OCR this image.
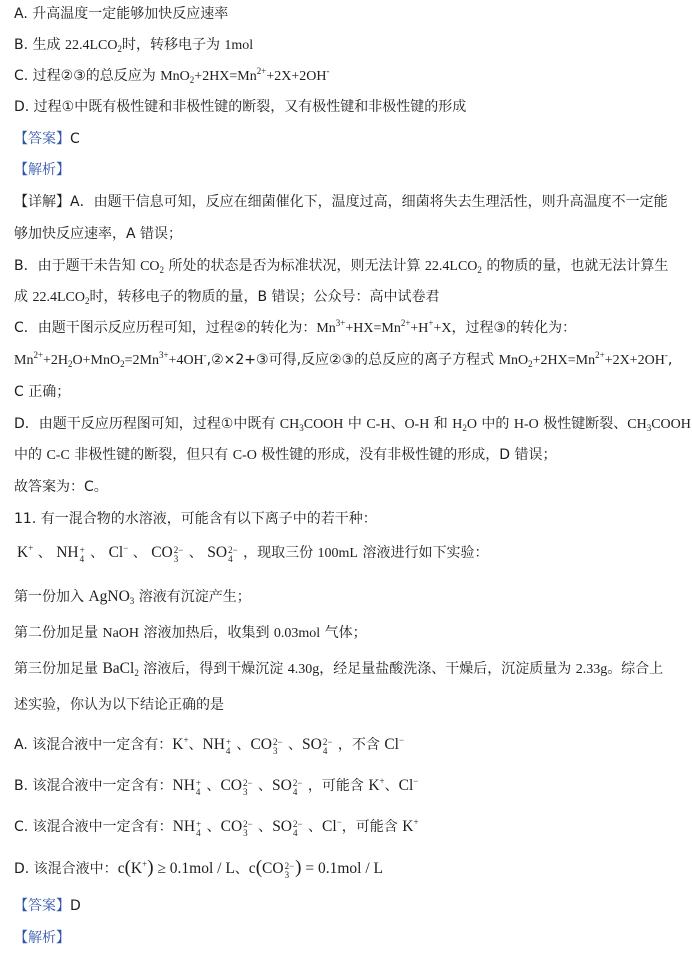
A. 升高温度一定能够加快反应速率
B. 生成 $22.4LCO_2$时，转移电子为 1mol
C. 过程②③的总反应为 $MnO_2+2HX=Mn^{2+}+2X+2OH^-$
D. 过程①中既有极性键和非极性键的断裂，又有极性键和非极性键的形成
【答案】C
【解析】
【详解】A．由题干信息可知，反应在细菌催化下，温度过高，细菌将失去生理活性，则升高温度不一定能
够加快反应速率，A 错误；
B．由于题干未告知 $CO_2$ 所处的状态是否为标准状况，则无法计算 $22.4LCO_2$ 的物质的量，也就无法计算生
成 $22.4LCO_2$时，转移电子的物质的量，B 错误；公众号：高中试卷君
C．由题干图示反应历程可知，过程②的转化为：$Mn^{3+}+HX=Mn^{2+}+H^++X$，过程③的转化为：
$Mn^{2+}+2H_2O+MnO_2=2Mn^{3+}+4OH^-,②\times 2+③$可得,反应②③的总反应的离子方程式 $MnO_2+2HX=Mn^{2+}+2X+2OH^-$,
C 正确；
D．由题干反应历程图可知，过程①中既有 $CH_3COOH$ 中 C-H、O-H 和 $H_2O$ 中的 H-O 极性键断裂、$CH_3COOH$
中的 C-C 非极性键的断裂，但只有 C-O 极性键的形成，没有非极性键的形成，D 错误；
故答案为：C。
11. 有一混合物的水溶液，可能含有以下离子中的若干种：
K+ 、 NH +
4 、 Cl− 、 CO 2−
3 、 SO 2−
4 ，现取三份 100mL 溶液进行如下实验：
第一份加入 AgNO$_3$ 溶液有沉淀产生；
第二份加足量 NaOH 溶液加热后，收集到 0.03mol 气体；
第三份加足量 BaCl$_2$ 溶液后，得到干燥沉淀 4.30g，经足量盐酸洗涤、干燥后，沉淀质量为 2.33g。综合上
述实验，你认为以下结论正确的是
A. 该混合液中一定含有：K+、NH +
4 、CO 2−
3 、SO 2−
4 ，不含 Cl−
B. 该混合液中一定含有：NH +
4 、CO 2−
3 、SO 2−
4 ，可能含 K+、Cl−
C. 该混合液中一定含有：NH +
4 、CO 2−
3 、SO 2−
4 、Cl−，可能含 K+
D. 该混合液中：c(K+) ≥ 0.1mol / L、c(CO 2−
3 ) = 0.1mol / L
【答案】D
【解析】
